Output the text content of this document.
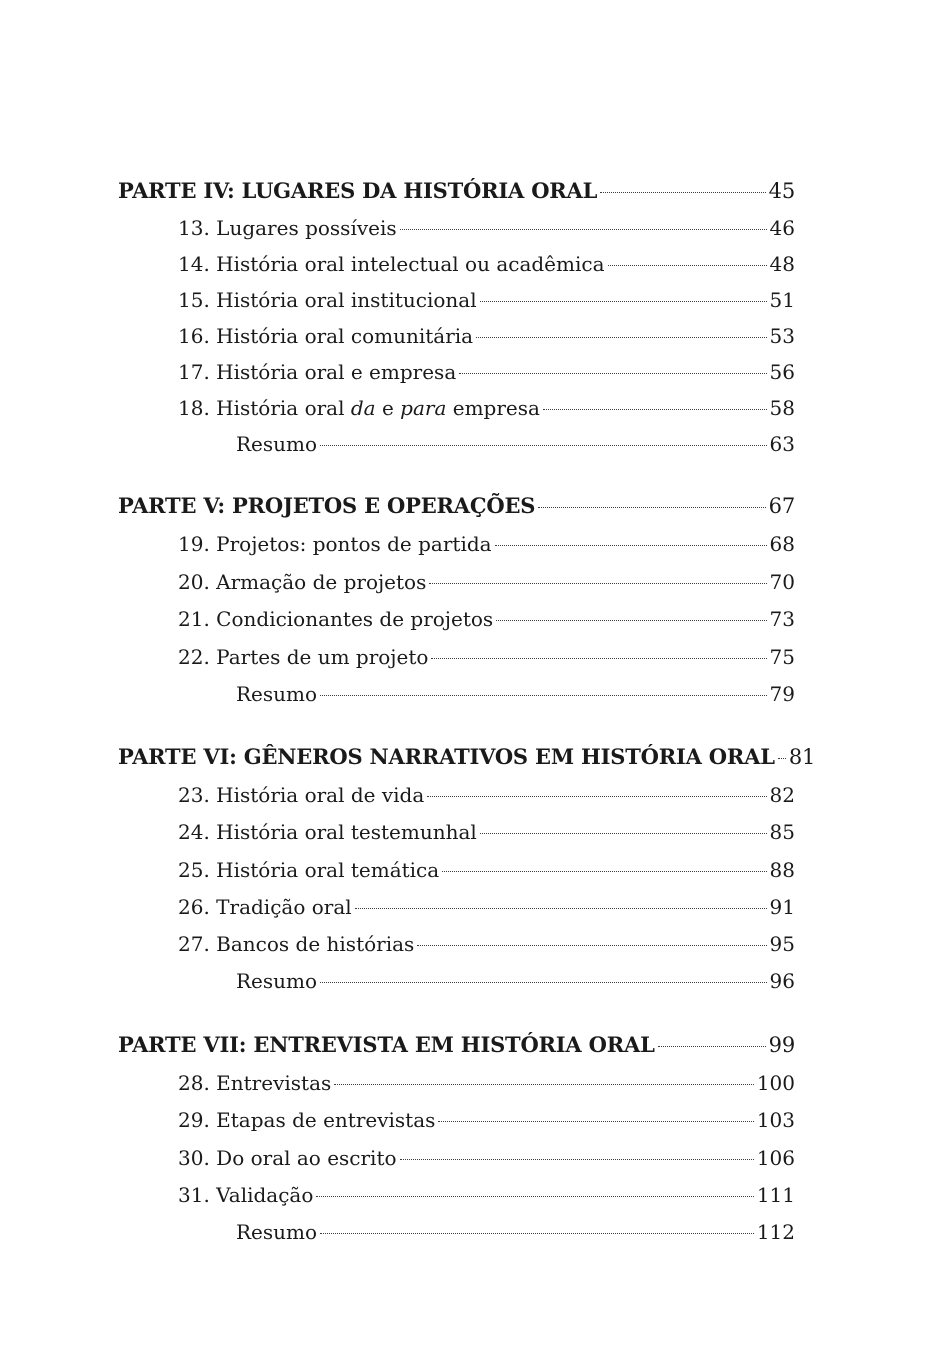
PARTE IV: LUGARES DA HISTÓRIA ORAL	45
13. Lugares possíveis	46
14. História oral intelectual ou acadêmica	48
15. História oral institucional	51
16. História oral comunitária	53
17. História oral e empresa	56
18. História oral da e para empresa	58
Resumo	63
PARTE V: PROJETOS E OPERAÇÕES	67
19. Projetos: pontos de partida	68
20. Armação de projetos	70
21. Condicionantes de projetos	73
22. Partes de um projeto	75
Resumo	79
PARTE VI: GÊNEROS NARRATIVOS EM HISTÓRIA ORAL 81
23. História oral de vida	82
24. História oral testemunhal	85
25. História oral temática	88
26. Tradição oral	91
27. Bancos de histórias	95
Resumo	96
PARTE VII: ENTREVISTA EM HISTÓRIA ORAL	99
28. Entrevistas	100
29. Etapas de entrevistas	103
30. Do oral ao escrito	106
31. Validação	111
Resumo	112
